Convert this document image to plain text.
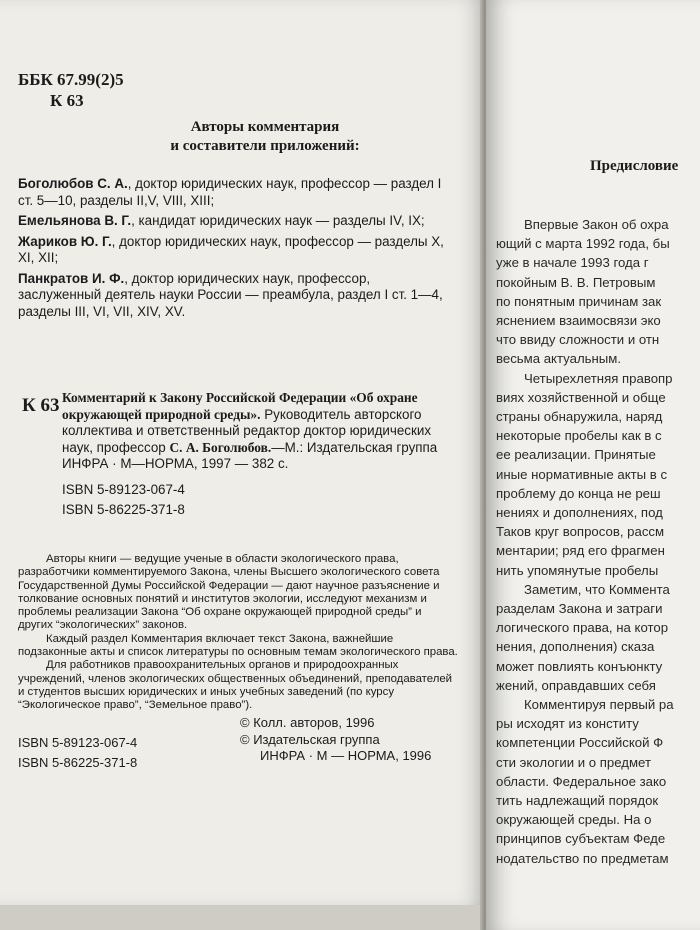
ББК 67.99(2)5
К 63
Авторы комментария
и составители приложений:

Боголюбов С. А., доктор юридических наук, профессор — раздел I ст. 5—10, разделы II,V, VIII, XIII;

Емельянова В. Г., кандидат юридических наук — разделы IV, IX;

Жариков Ю. Г., доктор юридических наук, профессор — разделы X, XI, XII;

Панкратов И. Ф., доктор юридических наук, профессор, заслуженный деятель науки России — преамбула, раздел I ст. 1—4, разделы III, VI, VII, XIV, XV.

К 63 Комментарий к Закону Российской Федерации «Об охране окружающей природной среды». Руководитель авторского коллектива и ответственный редактор доктор юридических наук, профессор С. А. Боголюбов.—М.: Издательская группа ИНФРА · М—НОРМА, 1997 — 382 с.
ISBN 5-89123-067-4
ISBN 5-86225-371-8

Авторы книги — ведущие ученые в области экологического права, разработчики комментируемого Закона, члены Высшего экологического совета Государственной Думы Российской Федерации — дают научное разъяснение и толкование основных понятий и институтов экологии, исследуют механизм и проблемы реализации Закона “Об охране окружающей природной среды” и других “экологических” законов.

Каждый раздел Комментария включает текст Закона, важнейшие подзаконные акты и список литературы по основным темам экологического права.

Для работников правоохранительных органов и природоохранных учреждений, членов экологических общественных объединений, преподавателей и студентов высших юридических и иных учебных заведений (по курсу “Экологическое право”, “Земельное право”).

© Колл. авторов, 1996
© Издательская группа
ИНФРА · М — НОРМА, 1996
ISBN 5-89123-067-4
ISBN 5-86225-371-8
Предисловие
Впервые Закон об охра
ющий с марта 1992 года, бы
уже в начале 1993 года г
покойным В. В. Петровым
по понятным причинам зак
яснением взаимосвязи эко
что ввиду сложности и отн
весьма актуальным.
Четырехлетняя правопр
виях хозяйственной и обще
страны обнаружила, наряд
некоторые пробелы как в с
ее реализации. Принятые
иные нормативные акты в с
проблему до конца не реш
нениях и дополнениях, под
Таков круг вопросов, рассм
ментарии; ряд его фрагмен
нить упомянутые пробелы
Заметим, что Коммента
разделам Закона и затраги
логического права, на котор
нения, дополнения) сказа
может повлиять конъюнкту
жений, оправдавших себя
Комментируя первый ра
ры исходят из конститу
компетенции Российской Ф
сти экологии и о предмет
области. Федеральное зако
тить надлежащий порядок
окружающей среды. На о
принципов субъектам Феде
нодательство по предметам
